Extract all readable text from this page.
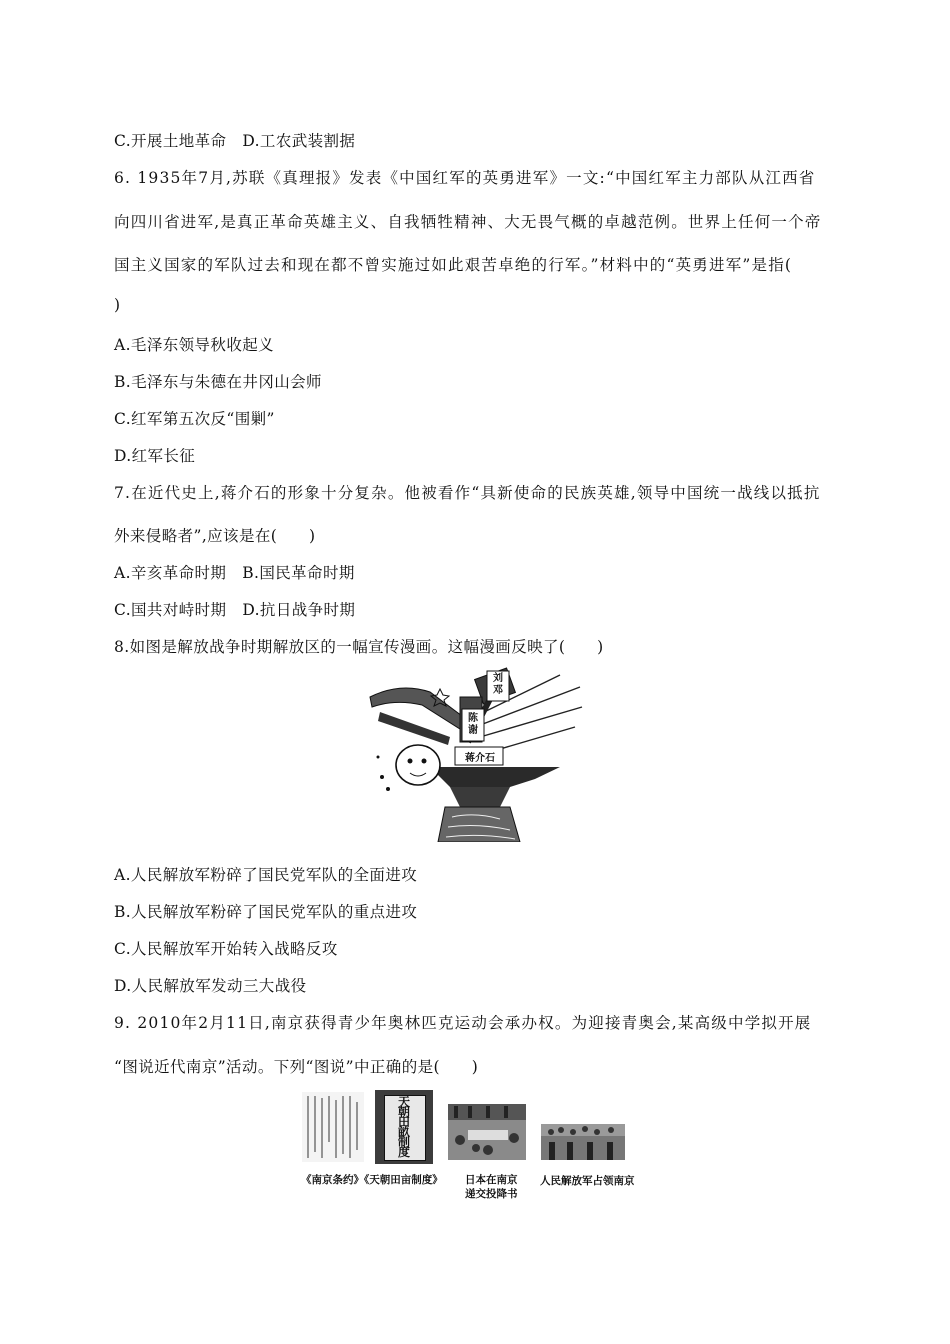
C.开展土地革命　D.工农武装割据
6. 1935年7月,苏联《真理报》发表《中国红军的英勇进军》一文:“中国红军主力部队从江西省
向四川省进军,是真正革命英雄主义、自我牺牲精神、大无畏气概的卓越范例。世界上任何一个帝
国主义国家的军队过去和现在都不曾实施过如此艰苦卓绝的行军。”材料中的“英勇进军”是指(
)
A.毛泽东领导秋收起义
B.毛泽东与朱德在井冈山会师
C.红军第五次反“围剿”
D.红军长征
7.在近代史上,蒋介石的形象十分复杂。他被看作“具新使命的民族英雄,领导中国统一战线以抵抗
外来侵略者”,应该是在(　　)
A.辛亥革命时期　B.国民革命时期
C.国共对峙时期　D.抗日战争时期
8.如图是解放战争时期解放区的一幅宣传漫画。这幅漫画反映了(　　)
刘邓
陈谢
蒋介石
A.人民解放军粉碎了国民党军队的全面进攻
B.人民解放军粉碎了国民党军队的重点进攻
C.人民解放军开始转入战略反攻
D.人民解放军发动三大战役
9. 2010年2月11日,南京获得青少年奥林匹克运动会承办权。为迎接青奥会,某高级中学拟开展
“图说近代南京”活动。下列“图说”中正确的是(　　)
天朝田畝制度
《南京条约》《天朝田亩制度》 日本在南京
递交投降书
人民解放军占领南京
